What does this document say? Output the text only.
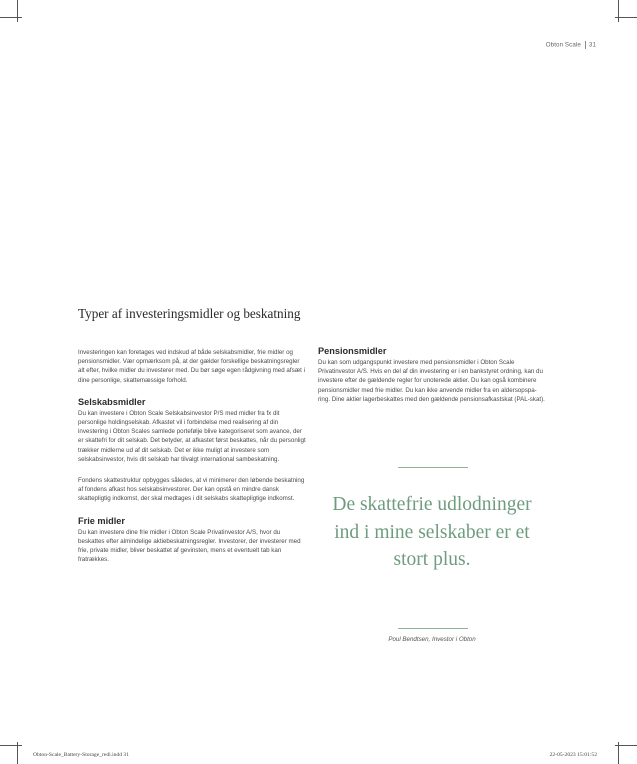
Obton Scale 31
Typer af investeringsmidler og beskatning

Investeringen kan foretages ved indskud af både selskabsmidler, frie midler og pensionsmidler. Vær opmærksom på, at der gælder forskellige beskatningsregler alt efter, hvilke midler du investerer med. Du bør søge egen rådgivning med afsæt i dine personlige, skattemæssige forhold.

Selskabsmidler

Du kan investere i Obton Scale Selskabsinvestor P/S med midler fra fx dit personlige holdingselskab. Afkastet vil i forbindelse med realisering af din investering i Obton Scales samlede portefølje blive kategoriseret som avance, der er skattefri for dit selskab. Det betyder, at afkastet først beskattes, når du personligt trækker midlerne ud af dit selskab. Det er ikke muligt at investere som selskabsinvestor, hvis dit selskab har tilvalgt international sambeskatning.

Fondens skattestruktur opbygges således, at vi minimerer den løbende beskatning af fondens afkast hos selskabsinvestorer. Der kan opstå en mindre dansk skattepligtig indkomst, der skal medtages i dit selskabs skattepligtige indkomst.

Frie midler

Du kan investere dine frie midler i Obton Scale Privatinvestor A/S, hvor du beskattes efter almindelige aktiebeskatningsregler. Investorer, der investerer med frie, private midler, bliver beskattet af gevinsten, mens et eventuelt tab kan fratrækkes.

Pensionsmidler

Du kan som udgangspunkt investere med pensionsmidler i Obton Scale Privatinvestor A/S. Hvis en del af din investering er i en bankstyret ordning, kan du investere efter de gældende regler for unoterede aktier. Du kan også kombinere pensionsmidler med frie midler. Du kan ikke anvende midler fra en aldersopsparing. Dine aktier lagerbeskattes med den gældende pensionsafkastskat (PAL-skat).

De skattefrie udlodninger ind i mine selskaber er et stort plus.

Poul Bendtsen, Investor i Obton
Obton-Scale_Battery-Storage_redi.indd 31	22-05-2023 15:01:52
